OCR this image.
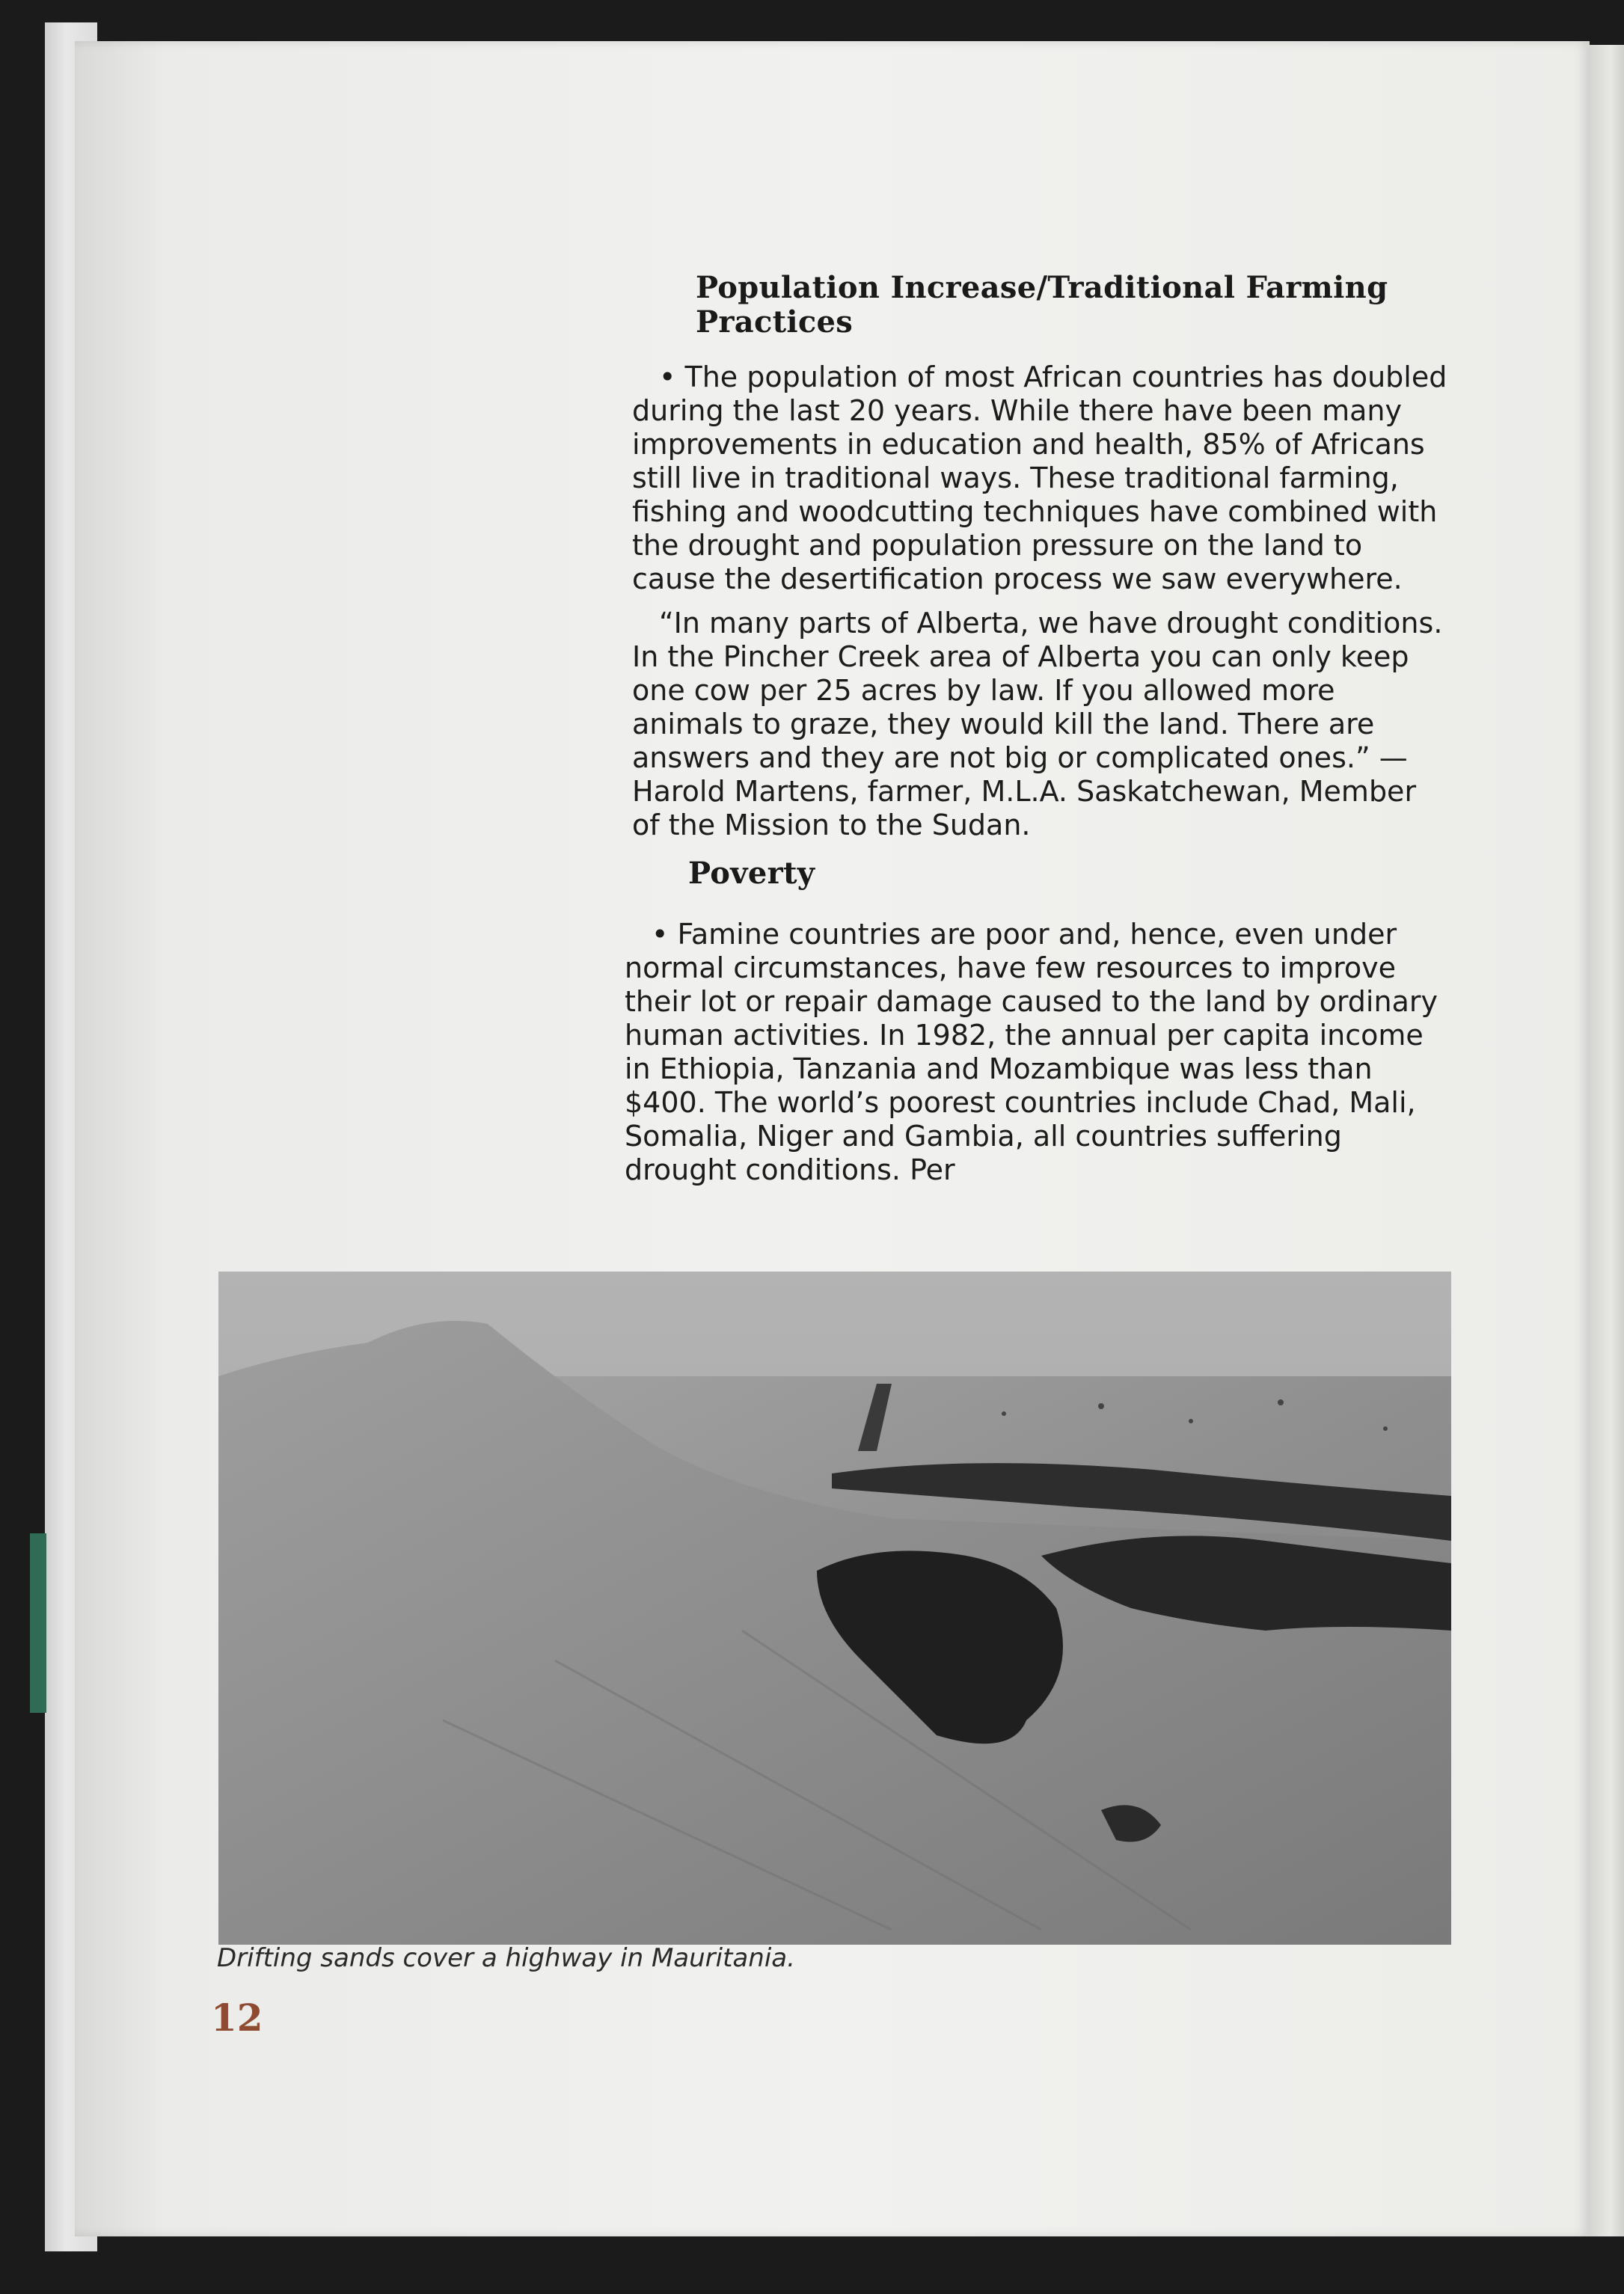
Population Increase/Traditional Farming
Practices

• The population of most African countries has doubled during the last 20 years. While there have been many improvements in education and health, 85% of Africans still live in traditional ways. These traditional farming, fishing and woodcutting techniques have combined with the drought and population pressure on the land to cause the desertification process we saw everywhere.

“In many parts of Alberta, we have drought conditions. In the Pincher Creek area of Alberta you can only keep one cow per 25 acres by law. If you allowed more animals to graze, they would kill the land. There are answers and they are not big or complicated ones.” — Harold Martens, farmer, M.L.A. Saskatchewan, Member of the Mission to the Sudan.

Poverty

• Famine countries are poor and, hence, even under normal circumstances, have few resources to improve their lot or repair damage caused to the land by ordinary human activities. In 1982, the annual per capita income in Ethiopia, Tanzania and Mozambique was less than $400. The world’s poorest countries include Chad, Mali, Somalia, Niger and Gambia, all countries suffering drought conditions. Per

Drifting sands cover a highway in Mauritania.
12
